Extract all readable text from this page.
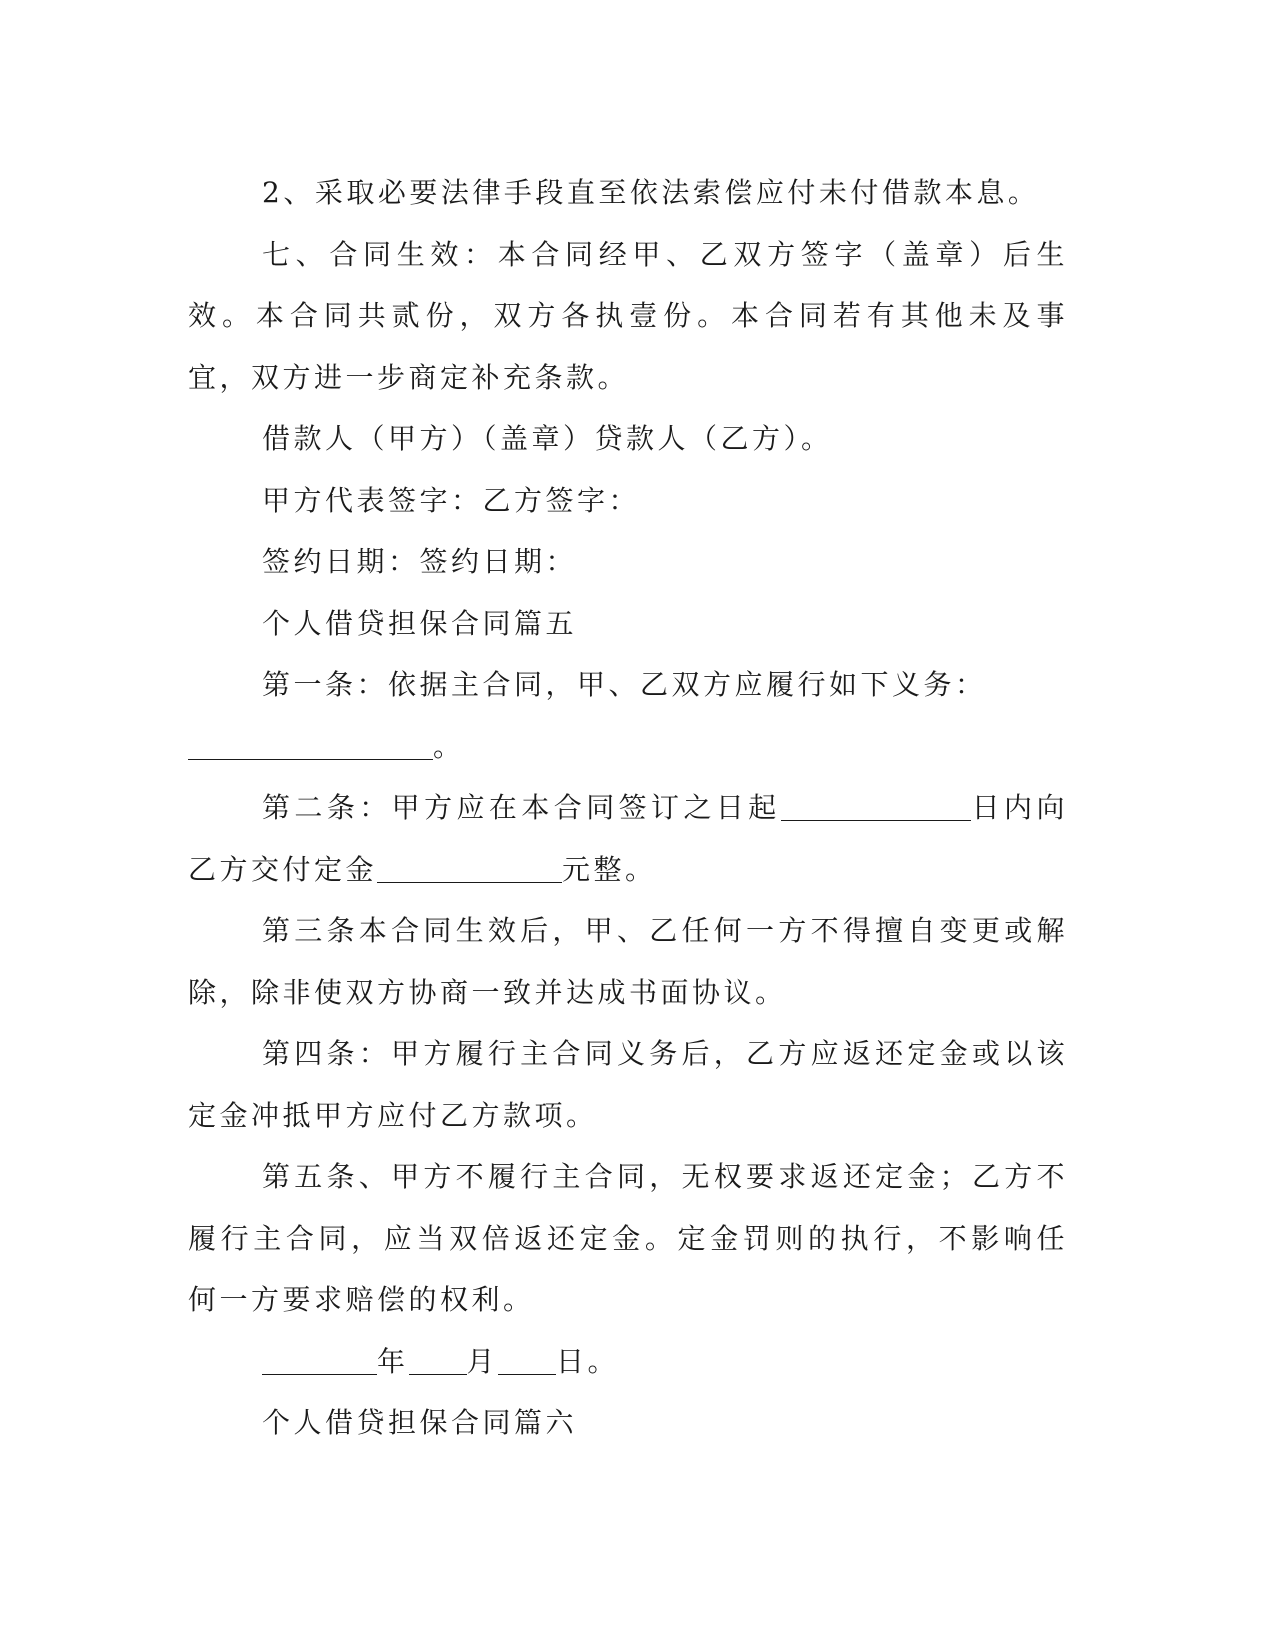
2、采取必要法律手段直至依法索偿应付未付借款本息。

七、合同生效：本合同经甲、乙双方签字（盖章）后生效。本合同共贰份，双方各执壹份。本合同若有其他未及事宜，双方进一步商定补充条款。

借款人（甲方）（盖章）贷款人（乙方）。

甲方代表签字：乙方签字：

签约日期：签约日期：

个人借贷担保合同篇五

第一条：依据主合同，甲、乙双方应履行如下义务：

。

第二条：甲方应在本合同签订之日起	日内向乙方交付定金	元整。

第三条本合同生效后，甲、乙任何一方不得擅自变更或解除，除非使双方协商一致并达成书面协议。

第四条：甲方履行主合同义务后，乙方应返还定金或以该定金冲抵甲方应付乙方款项。

第五条、甲方不履行主合同，无权要求返还定金；乙方不履行主合同，应当双倍返还定金。定金罚则的执行，不影响任何一方要求赔偿的权利。

年 月 日。

个人借贷担保合同篇六
